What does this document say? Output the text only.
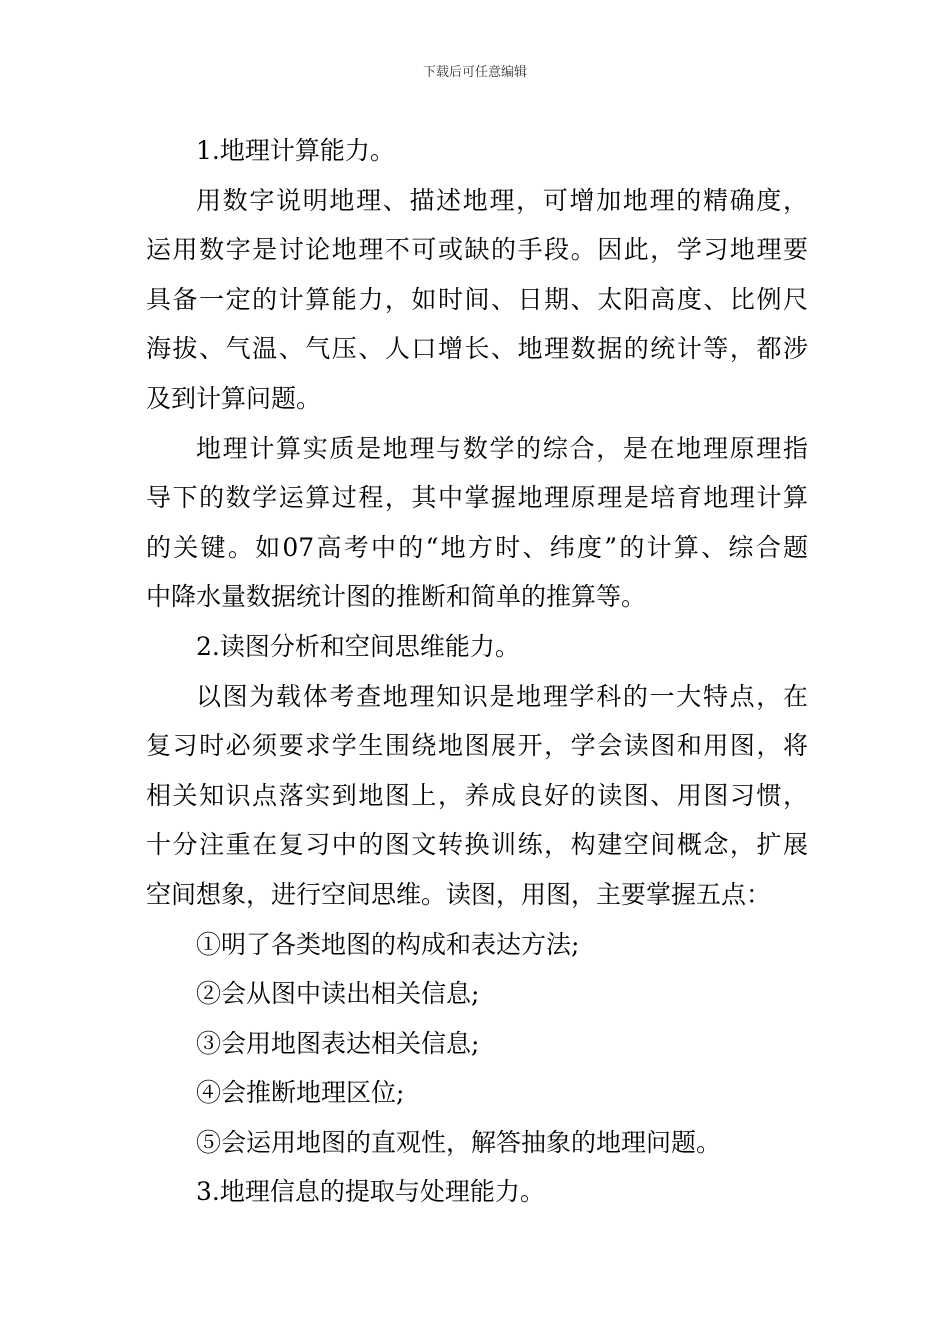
下载后可任意编辑
1.地理计算能力。
用数字说明地理、描述地理，可增加地理的精确度，
运用数字是讨论地理不可或缺的手段。因此，学习地理要
具备一定的计算能力，如时间、日期、太阳高度、比例尺
海拔、气温、气压、人口增长、地理数据的统计等，都涉
及到计算问题。
地理计算实质是地理与数学的综合，是在地理原理指
导下的数学运算过程，其中掌握地理原理是培育地理计算
的关键。如07高考中的“地方时、纬度”的计算、综合题
中降水量数据统计图的推断和简单的推算等。
2.读图分析和空间思维能力。
以图为载体考查地理知识是地理学科的一大特点，在
复习时必须要求学生围绕地图展开，学会读图和用图，将
相关知识点落实到地图上，养成良好的读图、用图习惯，
十分注重在复习中的图文转换训练，构建空间概念，扩展
空间想象，进行空间思维。读图，用图，主要掌握五点：
①明了各类地图的构成和表达方法;
②会从图中读出相关信息;
③会用地图表达相关信息;
④会推断地理区位;
⑤会运用地图的直观性，解答抽象的地理问题。
3.地理信息的提取与处理能力。
